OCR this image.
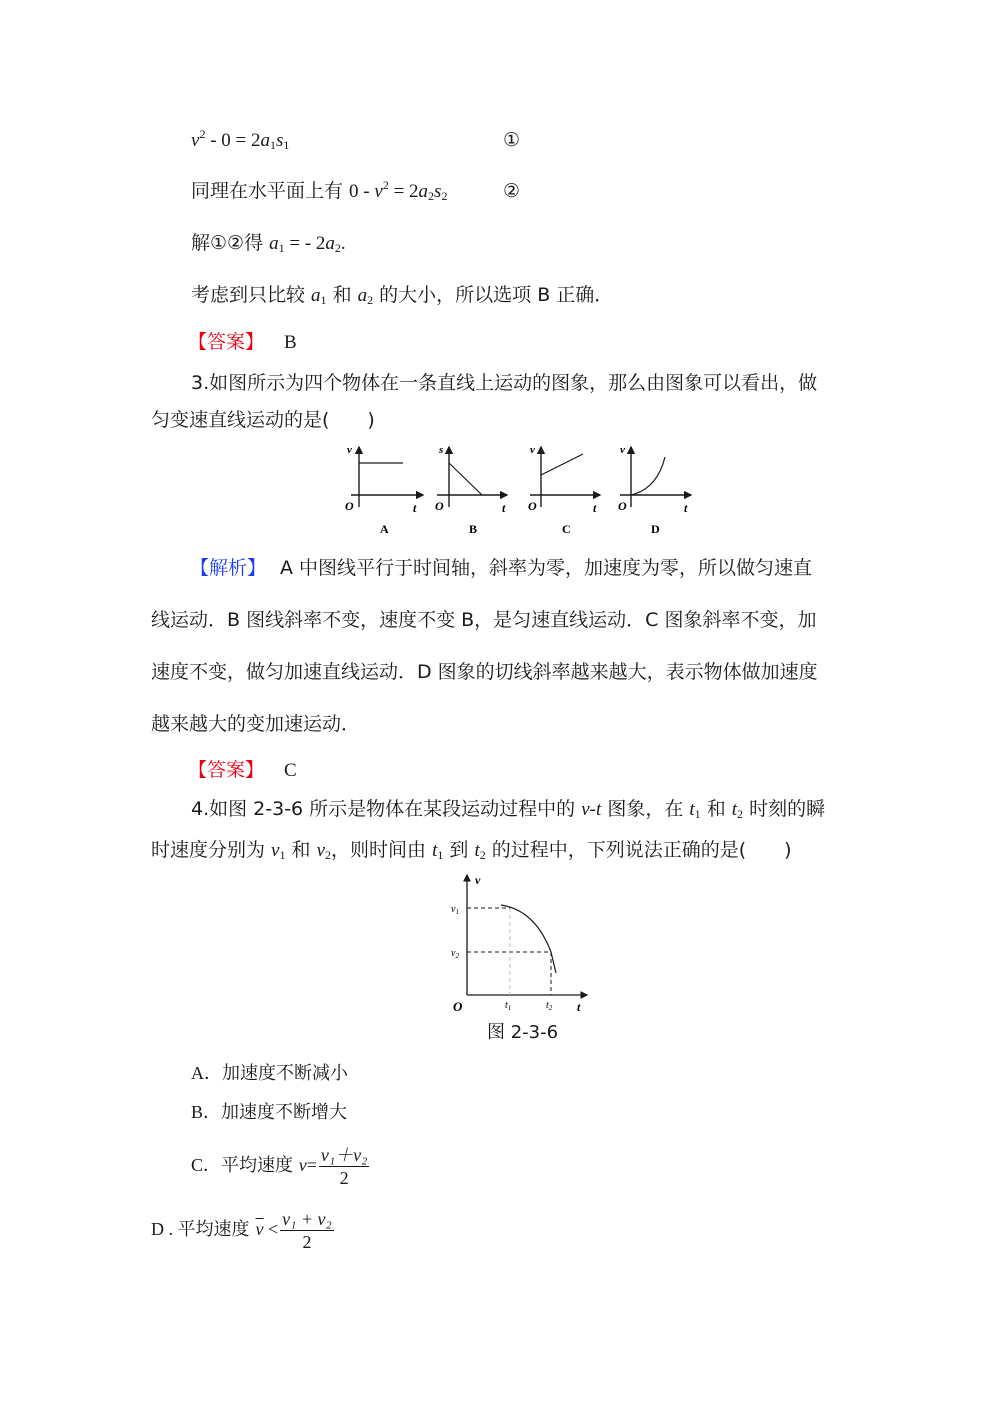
$v^2 - 0 = 2a_1s_1$	①
同理在水平面上有 $0 - v^2 = 2a_2s_2$	②
解①②得 $a_1$ = - $2a_2$.
考虑到只比较 $a_1$ 和 $a_2$ 的大小，所以选项 B 正确．
【答案】 B
3.如图所示为四个物体在一条直线上运动的图象，那么由图象可以看出，做
匀变速直线运动的是(　　)
v
O	t
A
s
O	t
B
v
O	t
C
v
O	t
D
【解析】 A 中图线平行于时间轴，斜率为零，加速度为零，所以做匀速直
线运动．B 图线斜率不变，速度不变 B，是匀速直线运动．C 图象斜率不变，加
速度不变，做匀加速直线运动．D 图象的切线斜率越来越大，表示物体做加速度
越来越大的变加速运动．
【答案】 C
4.如图 2-3-6 所示是物体在某段运动过程中的 v-t 图象，在 $t_1$ 和 $t_2$ 时刻的瞬
时速度分别为 $v_1$ 和 $v_2$，则时间由 $t_1$ 到 $t_2$ 的过程中，下列说法正确的是(　　)
v
O	t
$v_1$
$v_2$
$t_1$	$t_2$
图 2-3-6
A．加速度不断减小
B．加速度不断增大
C．平均速度 $v= \frac{\text{v₁＋v₂}}{2}$
D . 平均速度 $\overline{v} < \frac{\text{v₁ + v₂}}{2}$
